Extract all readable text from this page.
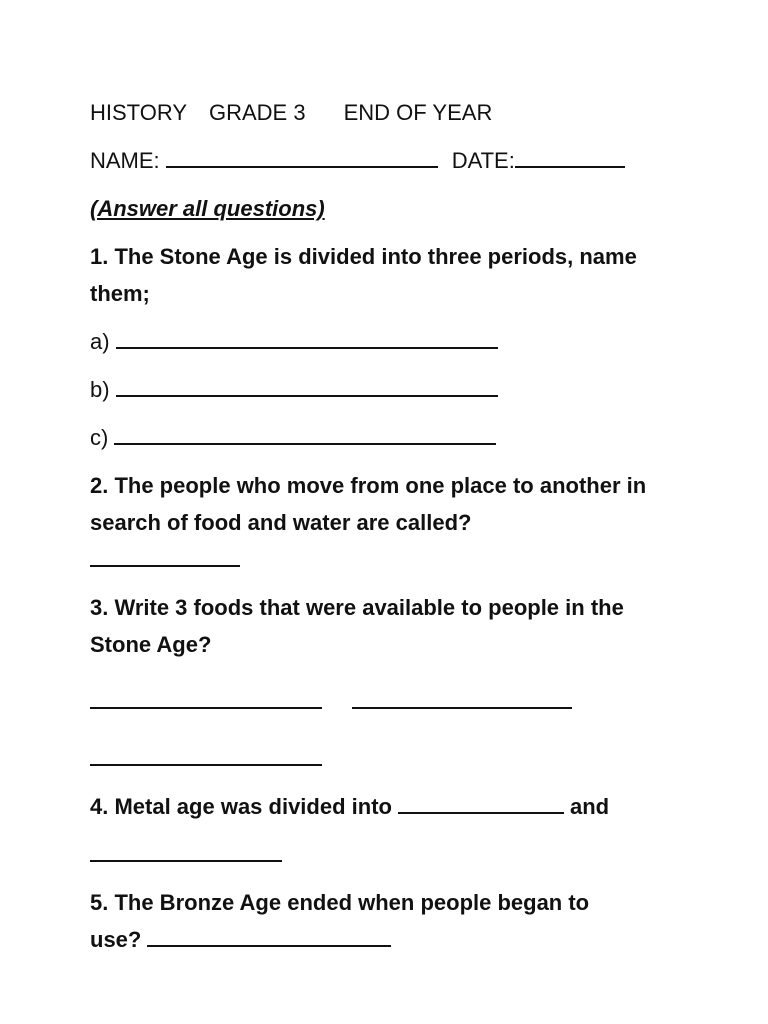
HISTORY GRADE 3 END OF YEAR
NAME:	DATE:
(Answer all questions)
1. The Stone Age is divided into three periods, name them;
a)
b)
c)
2. The people who move from one place to another in search of food and water are called?
3. Write 3 foods that were available to people in the Stone Age?
4. Metal age was divided into	and
5. The Bronze Age ended when people began to
use?
